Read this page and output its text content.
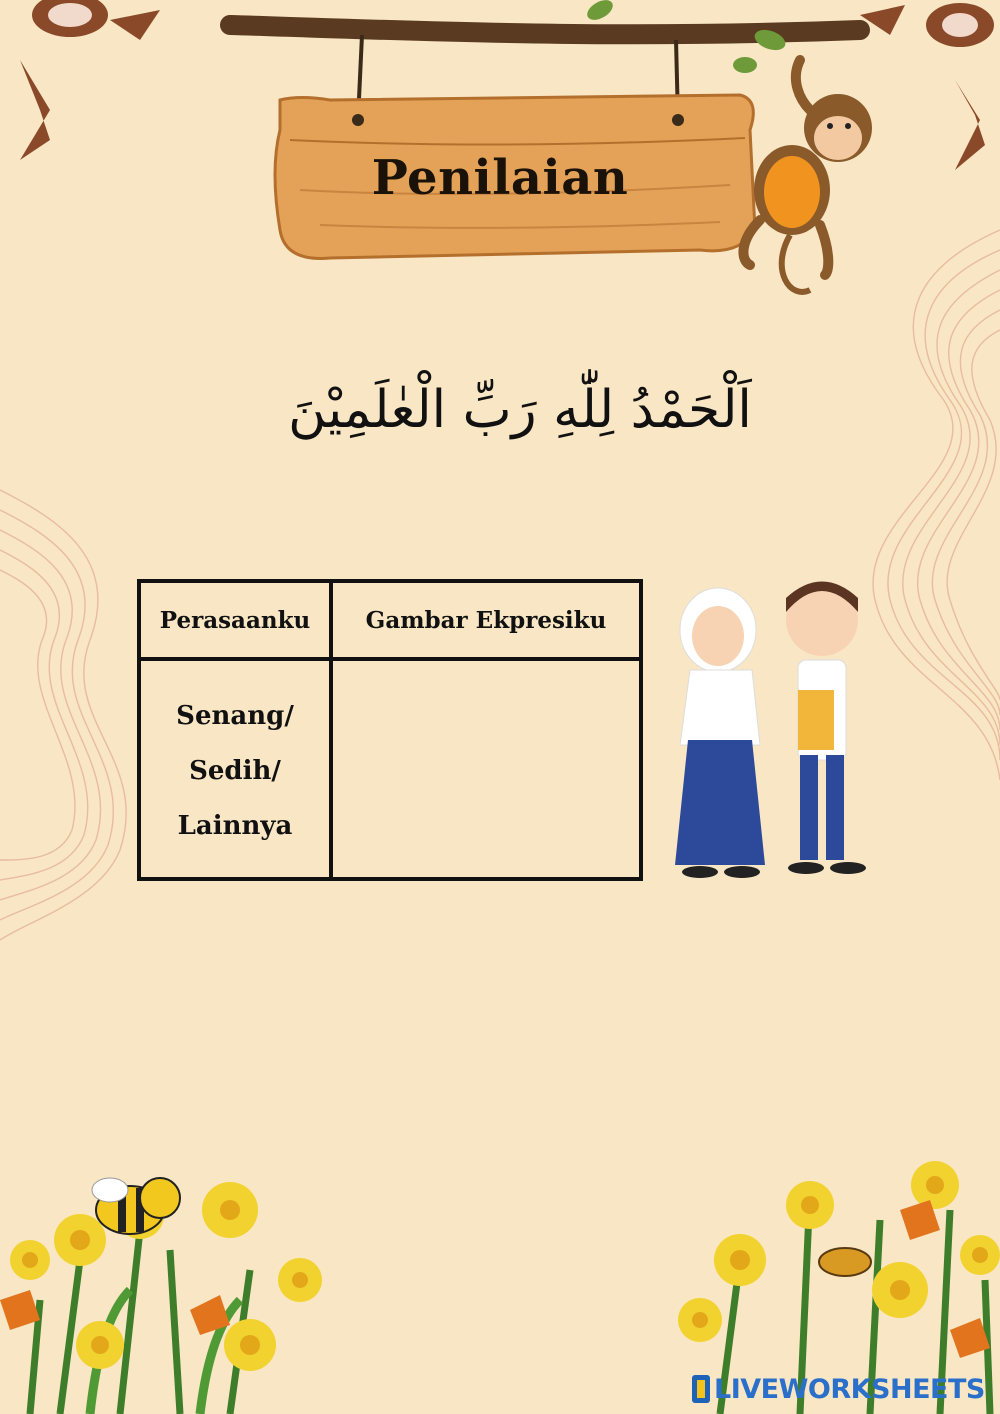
Penilaian
اَلْحَمْدُ لِلّٰهِ رَبِّ الْعٰلَمِيْنَ
Perasaanku	Gambar Ekpresiku

Senang/
Sedih/
Lainnya	

LIVEWORKSHEETS
